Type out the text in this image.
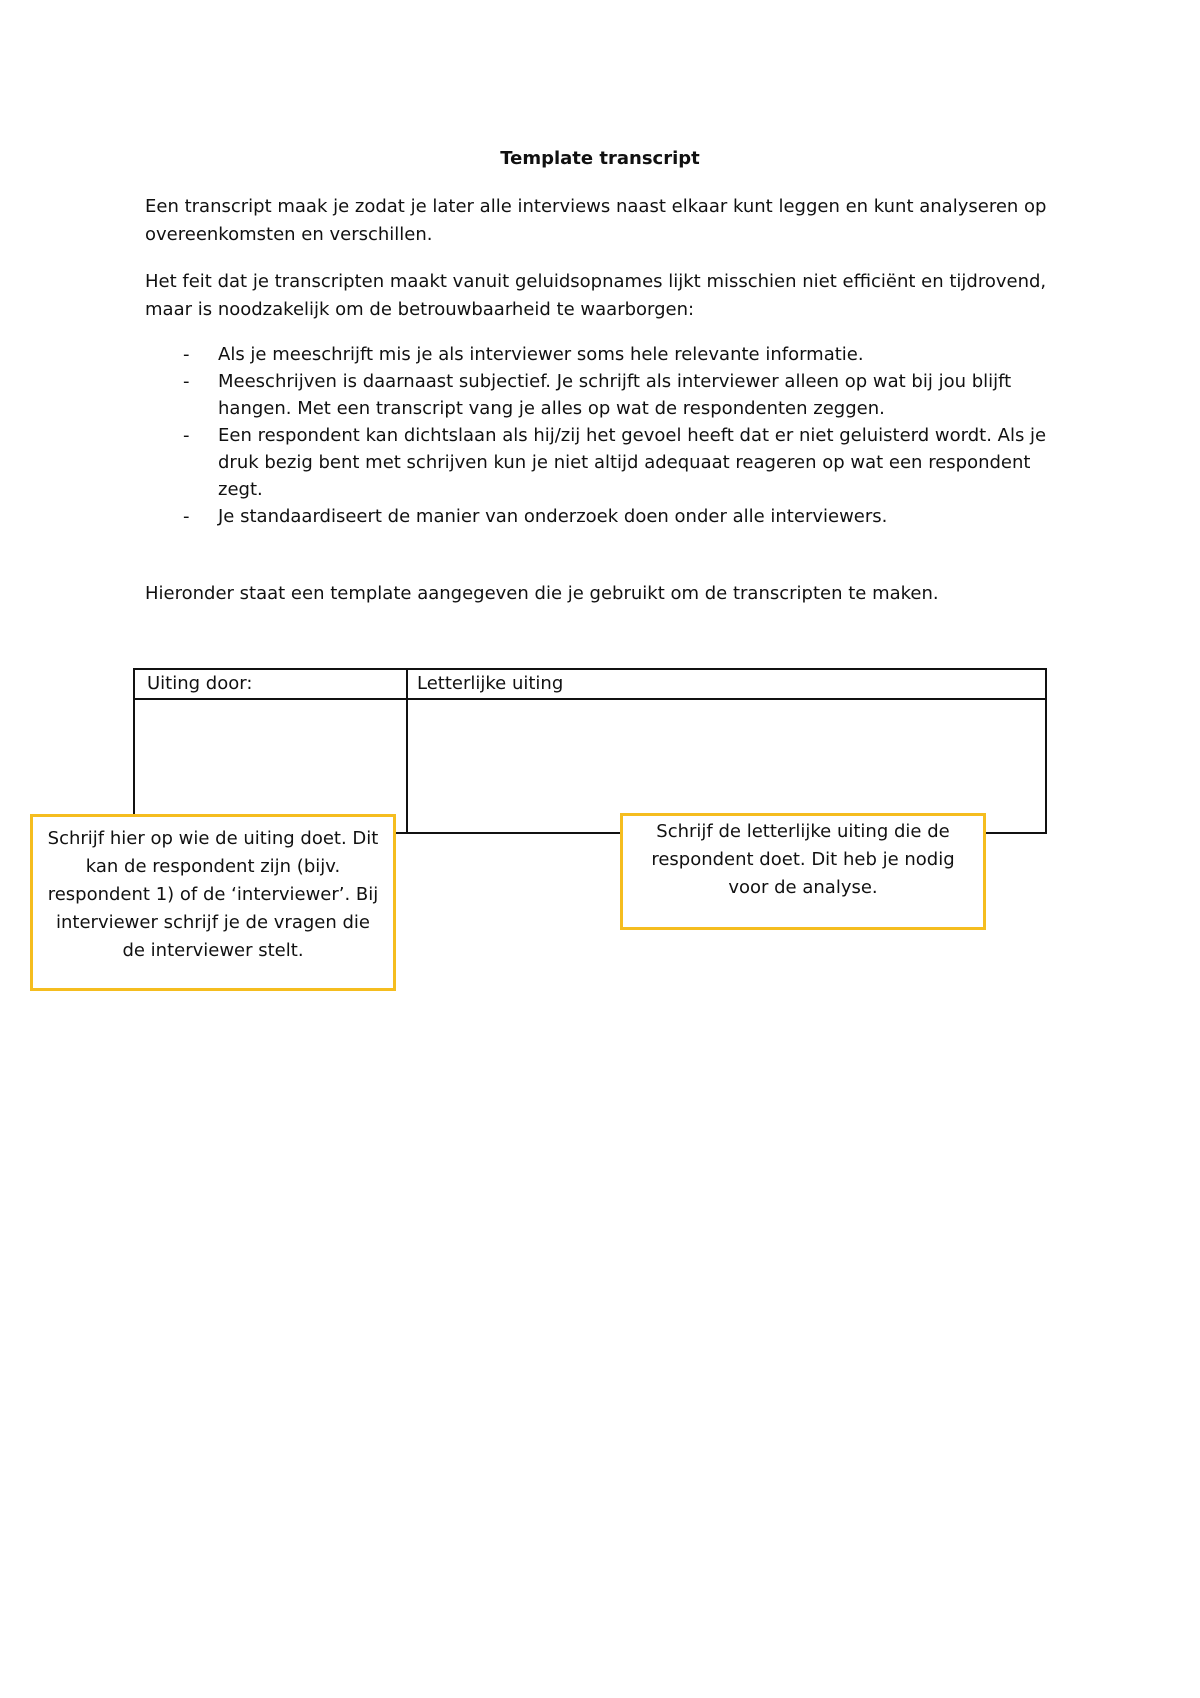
Template transcript

Een transcript maak je zodat je later alle interviews naast elkaar kunt leggen en kunt analyseren op overeenkomsten en verschillen.

Het feit dat je transcripten maakt vanuit geluidsopnames lijkt misschien niet efficiënt en tijdrovend, maar is noodzakelijk om de betrouwbaarheid te waarborgen:

- Als je meeschrijft mis je als interviewer soms hele relevante informatie.
- Meeschrijven is daarnaast subjectief. Je schrijft als interviewer alleen op wat bij jou blijft hangen. Met een transcript vang je alles op wat de respondenten zeggen.
- Een respondent kan dichtslaan als hij/zij het gevoel heeft dat er niet geluisterd wordt. Als je druk bezig bent met schrijven kun je niet altijd adequaat reageren op wat een respondent zegt.
- Je standaardiseert de manier van onderzoek doen onder alle interviewers.

Hieronder staat een template aangegeven die je gebruikt om de transcripten te maken.

Uiting door:	Letterlijke uiting
Schrijf hier op wie de uiting doet. Dit kan de respondent zijn (bijv. respondent 1) of de ‘interviewer’. Bij interviewer schrijf je de vragen die de interviewer stelt.
Schrijf de letterlijke uiting die de respondent doet. Dit heb je nodig voor de analyse.
